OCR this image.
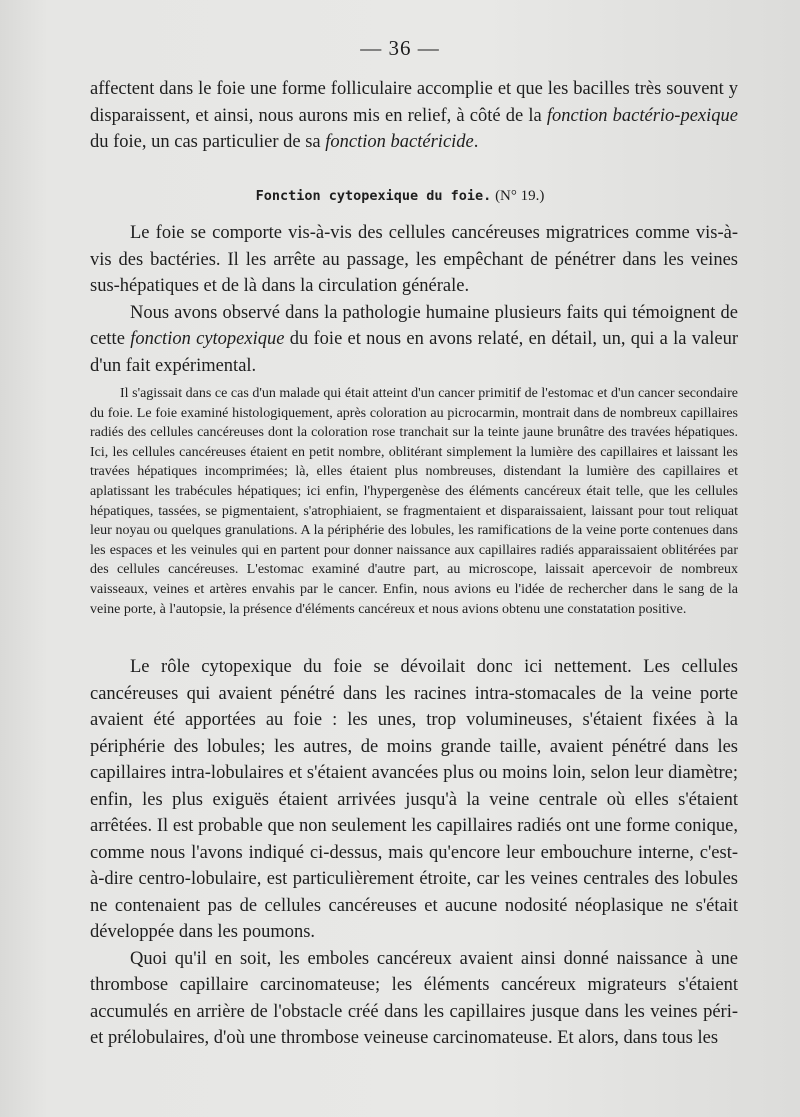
— 36 —
affectent dans le foie une forme folliculaire accomplie et que les bacilles très souvent y disparaissent, et ainsi, nous aurons mis en relief, à côté de la fonction bactério-pexique du foie, un cas particulier de sa fonction bactéricide.
Fonction cytopexique du foie. (N° 19.)

Le foie se comporte vis-à-vis des cellules cancéreuses migratrices comme vis-à-vis des bactéries. Il les arrête au passage, les empêchant de pénétrer dans les veines sus-hépatiques et de là dans la circulation générale.

Nous avons observé dans la pathologie humaine plusieurs faits qui témoignent de cette fonction cytopexique du foie et nous en avons relaté, en détail, un, qui a la valeur d'un fait expérimental.

Il s'agissait dans ce cas d'un malade qui était atteint d'un cancer primitif de l'estomac et d'un cancer secondaire du foie. Le foie examiné histologiquement, après coloration au picrocarmin, montrait dans de nombreux capillaires radiés des cellules cancéreuses dont la coloration rose tranchait sur la teinte jaune brunâtre des travées hépatiques. Ici, les cellules cancéreuses étaient en petit nombre, oblitérant simplement la lumière des capillaires et laissant les travées hépatiques incomprimées; là, elles étaient plus nombreuses, distendant la lumière des capillaires et aplatissant les trabécules hépatiques; ici enfin, l'hypergenèse des éléments cancéreux était telle, que les cellules hépatiques, tassées, se pigmentaient, s'atrophiaient, se fragmentaient et disparaissaient, laissant pour tout reliquat leur noyau ou quelques granulations. A la périphérie des lobules, les ramifications de la veine porte contenues dans les espaces et les veinules qui en partent pour donner naissance aux capillaires radiés apparaissaient oblitérées par des cellules cancéreuses. L'estomac examiné d'autre part, au microscope, laissait apercevoir de nombreux vaisseaux, veines et artères envahis par le cancer. Enfin, nous avions eu l'idée de rechercher dans le sang de la veine porte, à l'autopsie, la présence d'éléments cancéreux et nous avions obtenu une constatation positive.

Le rôle cytopexique du foie se dévoilait donc ici nettement. Les cellules cancéreuses qui avaient pénétré dans les racines intra-stomacales de la veine porte avaient été apportées au foie : les unes, trop volumineuses, s'étaient fixées à la périphérie des lobules; les autres, de moins grande taille, avaient pénétré dans les capillaires intra-lobulaires et s'étaient avancées plus ou moins loin, selon leur diamètre; enfin, les plus exiguës étaient arrivées jusqu'à la veine centrale où elles s'étaient arrêtées. Il est probable que non seulement les capillaires radiés ont une forme conique, comme nous l'avons indiqué ci-dessus, mais qu'encore leur embouchure interne, c'est-à-dire centro-lobulaire, est particulièrement étroite, car les veines centrales des lobules ne contenaient pas de cellules cancéreuses et aucune nodosité néoplasique ne s'était développée dans les poumons.

Quoi qu'il en soit, les emboles cancéreux avaient ainsi donné naissance à une thrombose capillaire carcinomateuse; les éléments cancéreux migrateurs s'étaient accumulés en arrière de l'obstacle créé dans les capillaires jusque dans les veines péri- et prélobulaires, d'où une thrombose veineuse carcinomateuse. Et alors, dans tous les
